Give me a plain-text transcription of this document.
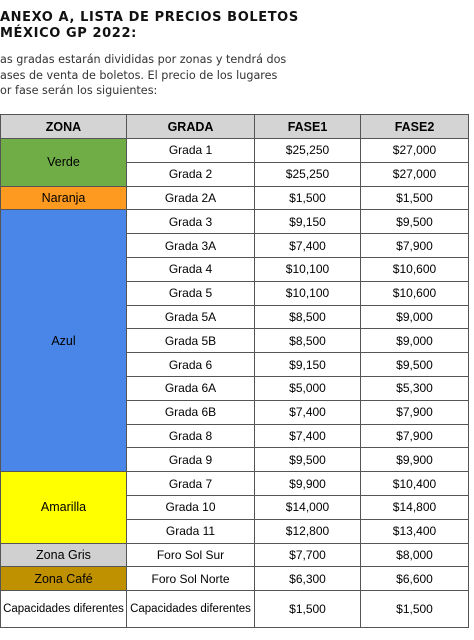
ANEXO A, LISTA DE PRECIOS BOLETOS
MÉXICO GP 2022:
as gradas estarán divididas por zonas y tendrá dos
ases de venta de boletos. El precio de los lugares
or fase serán los siguientes:
ZONA	GRADA	FASE1	FASE2
Verde	Grada 1	$25,250	$27,000
	Grada 2	$25,250	$27,000
Naranja	Grada 2A	$1,500	$1,500
Azul	Grada 3	$9,150	$9,500
	Grada 3A	$7,400	$7,900
	Grada 4	$10,100	$10,600
	Grada 5	$10,100	$10,600
	Grada 5A	$8,500	$9,000
	Grada 5B	$8,500	$9,000
	Grada 6	$9,150	$9,500
	Grada 6A	$5,000	$5,300
	Grada 6B	$7,400	$7,900
	Grada 8	$7,400	$7,900
	Grada 9	$9,500	$9,900
Amarilla	Grada 7	$9,900	$10,400
	Grada 10	$14,000	$14,800
	Grada 11	$12,800	$13,400
Zona Gris	Foro Sol Sur	$7,700	$8,000
Zona Café	Foro Sol Norte	$6,300	$6,600
Capacidades diferentes	Capacidades diferentes	$1,500	$1,500
